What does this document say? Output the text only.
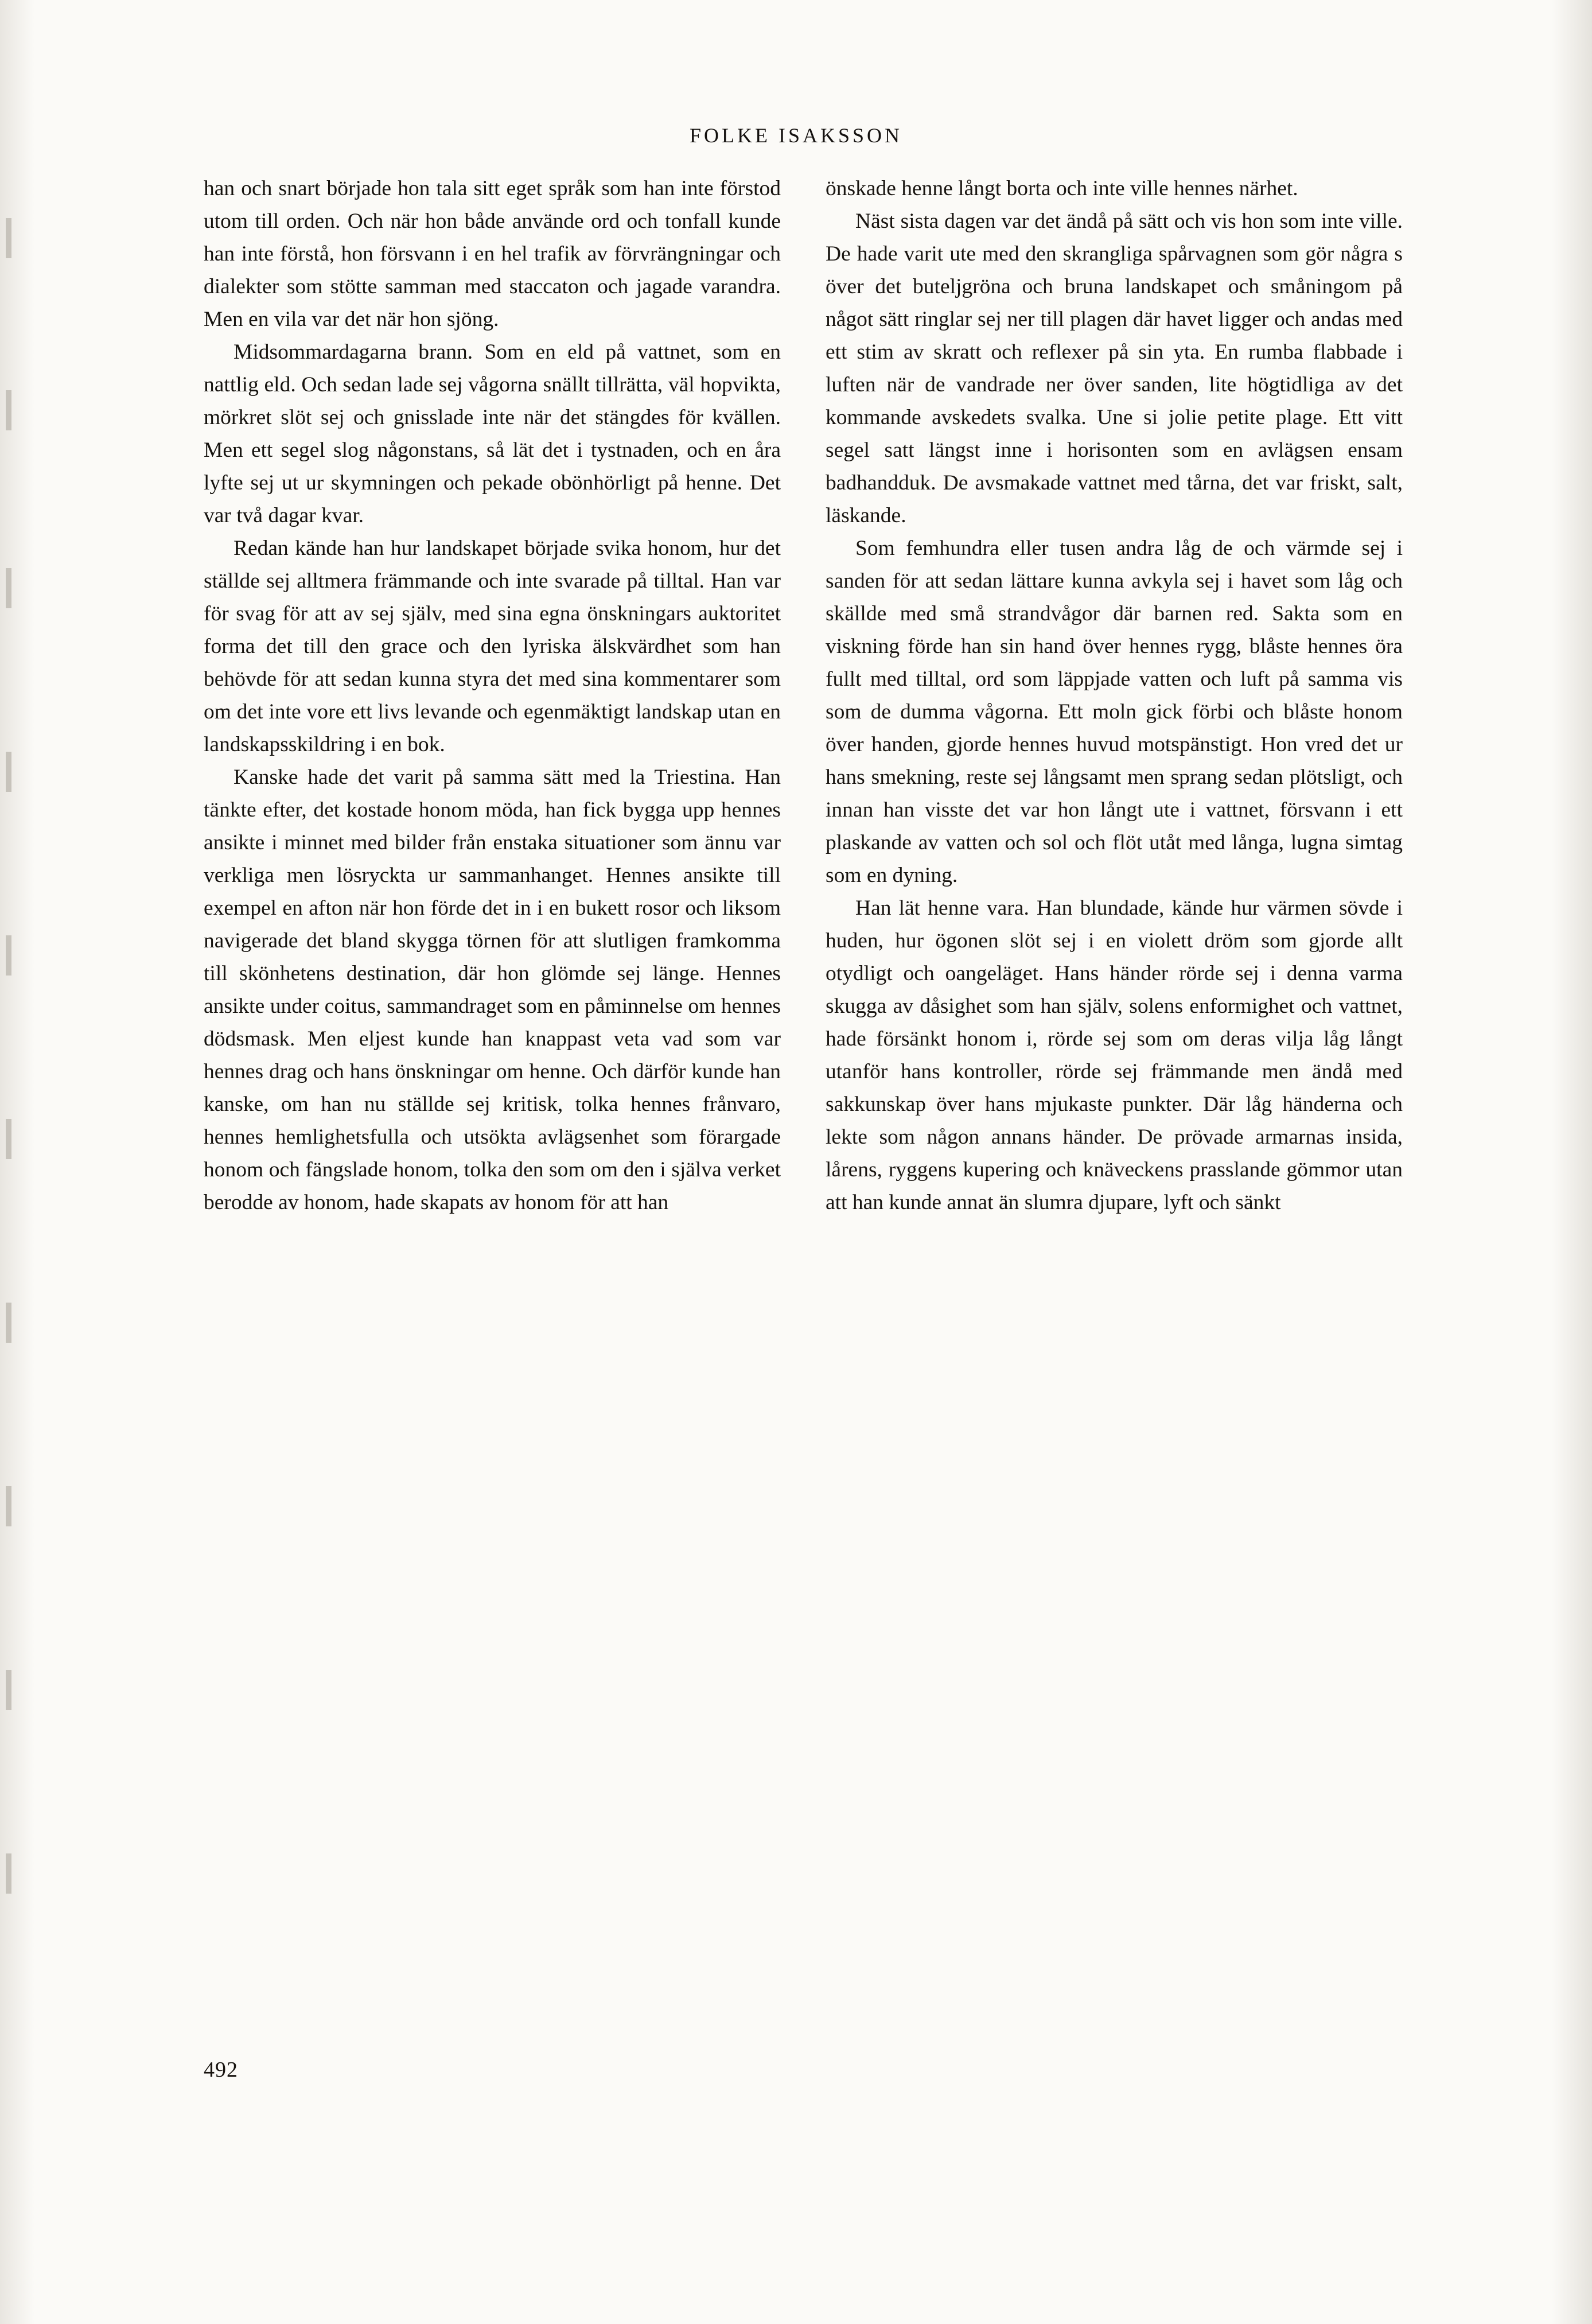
FOLKE ISAKSSON

han och snart började hon tala sitt eget språk som han inte förstod utom till orden. Och när hon både använde ord och tonfall kunde han inte förstå, hon försvann i en hel trafik av förvrängningar och dialekter som stötte samman med staccaton och jagade varandra. Men en vila var det när hon sjöng.

Midsommardagarna brann. Som en eld på vattnet, som en nattlig eld. Och sedan lade sej vågorna snällt tillrätta, väl hopvikta, mörkret slöt sej och gnisslade inte när det stängdes för kvällen. Men ett segel slog någonstans, så lät det i tystnaden, och en åra lyfte sej ut ur skymningen och pekade obönhörligt på henne. Det var två dagar kvar.

Redan kände han hur landskapet började svika honom, hur det ställde sej alltmera främmande och inte svarade på tilltal. Han var för svag för att av sej själv, med sina egna önskningars auktoritet forma det till den grace och den lyriska älskvärdhet som han behövde för att sedan kunna styra det med sina kommentarer som om det inte vore ett livs levande och egenmäktigt landskap utan en landskapsskildring i en bok.

Kanske hade det varit på samma sätt med la Triestina. Han tänkte efter, det kostade honom möda, han fick bygga upp hennes ansikte i minnet med bilder från enstaka situationer som ännu var verkliga men lösryckta ur sammanhanget. Hennes ansikte till exempel en afton när hon förde det in i en bukett rosor och liksom navigerade det bland skygga törnen för att slutligen framkomma till skönhetens destination, där hon glömde sej länge. Hennes ansikte under coitus, sammandraget som en påminnelse om hennes dödsmask. Men eljest kunde han knappast veta vad som var hennes drag och hans önskningar om henne. Och därför kunde han kanske, om han nu ställde sej kritisk, tolka hennes frånvaro, hennes hemlighetsfulla och utsökta avlägsenhet som förargade honom och fängslade honom, tolka den som om den i själva verket berodde av honom, hade skapats av honom för att han

önskade henne långt borta och inte ville hennes närhet.

Näst sista dagen var det ändå på sätt och vis hon som inte ville. De hade varit ute med den skrangliga spårvagnen som gör några s över det buteljgröna och bruna landskapet och småningom på något sätt ringlar sej ner till plagen där havet ligger och andas med ett stim av skratt och reflexer på sin yta. En rumba flabbade i luften när de vandrade ner över sanden, lite högtidliga av det kommande avskedets svalka. Une si jolie petite plage. Ett vitt segel satt längst inne i horisonten som en avlägsen ensam badhandduk. De avsmakade vattnet med tårna, det var friskt, salt, läskande.

Som femhundra eller tusen andra låg de och värmde sej i sanden för att sedan lättare kunna avkyla sej i havet som låg och skällde med små strandvågor där barnen red. Sakta som en viskning förde han sin hand över hennes rygg, blåste hennes öra fullt med tilltal, ord som läppjade vatten och luft på samma vis som de dumma vågorna. Ett moln gick förbi och blåste honom över handen, gjorde hennes huvud motspänstigt. Hon vred det ur hans smekning, reste sej långsamt men sprang sedan plötsligt, och innan han visste det var hon långt ute i vattnet, försvann i ett plaskande av vatten och sol och flöt utåt med långa, lugna simtag som en dyning.

Han lät henne vara. Han blundade, kände hur värmen sövde i huden, hur ögonen slöt sej i en violett dröm som gjorde allt otydligt och oangeläget. Hans händer rörde sej i denna varma skugga av dåsighet som han själv, solens enformighet och vattnet, hade försänkt honom i, rörde sej som om deras vilja låg långt utanför hans kontroller, rörde sej främmande men ändå med sakkunskap över hans mjukaste punkter. Där låg händerna och lekte som någon annans händer. De prövade armarnas insida, lårens, ryggens kupering och knäveckens prasslande gömmor utan att han kunde annat än slumra djupare, lyft och sänkt

492
